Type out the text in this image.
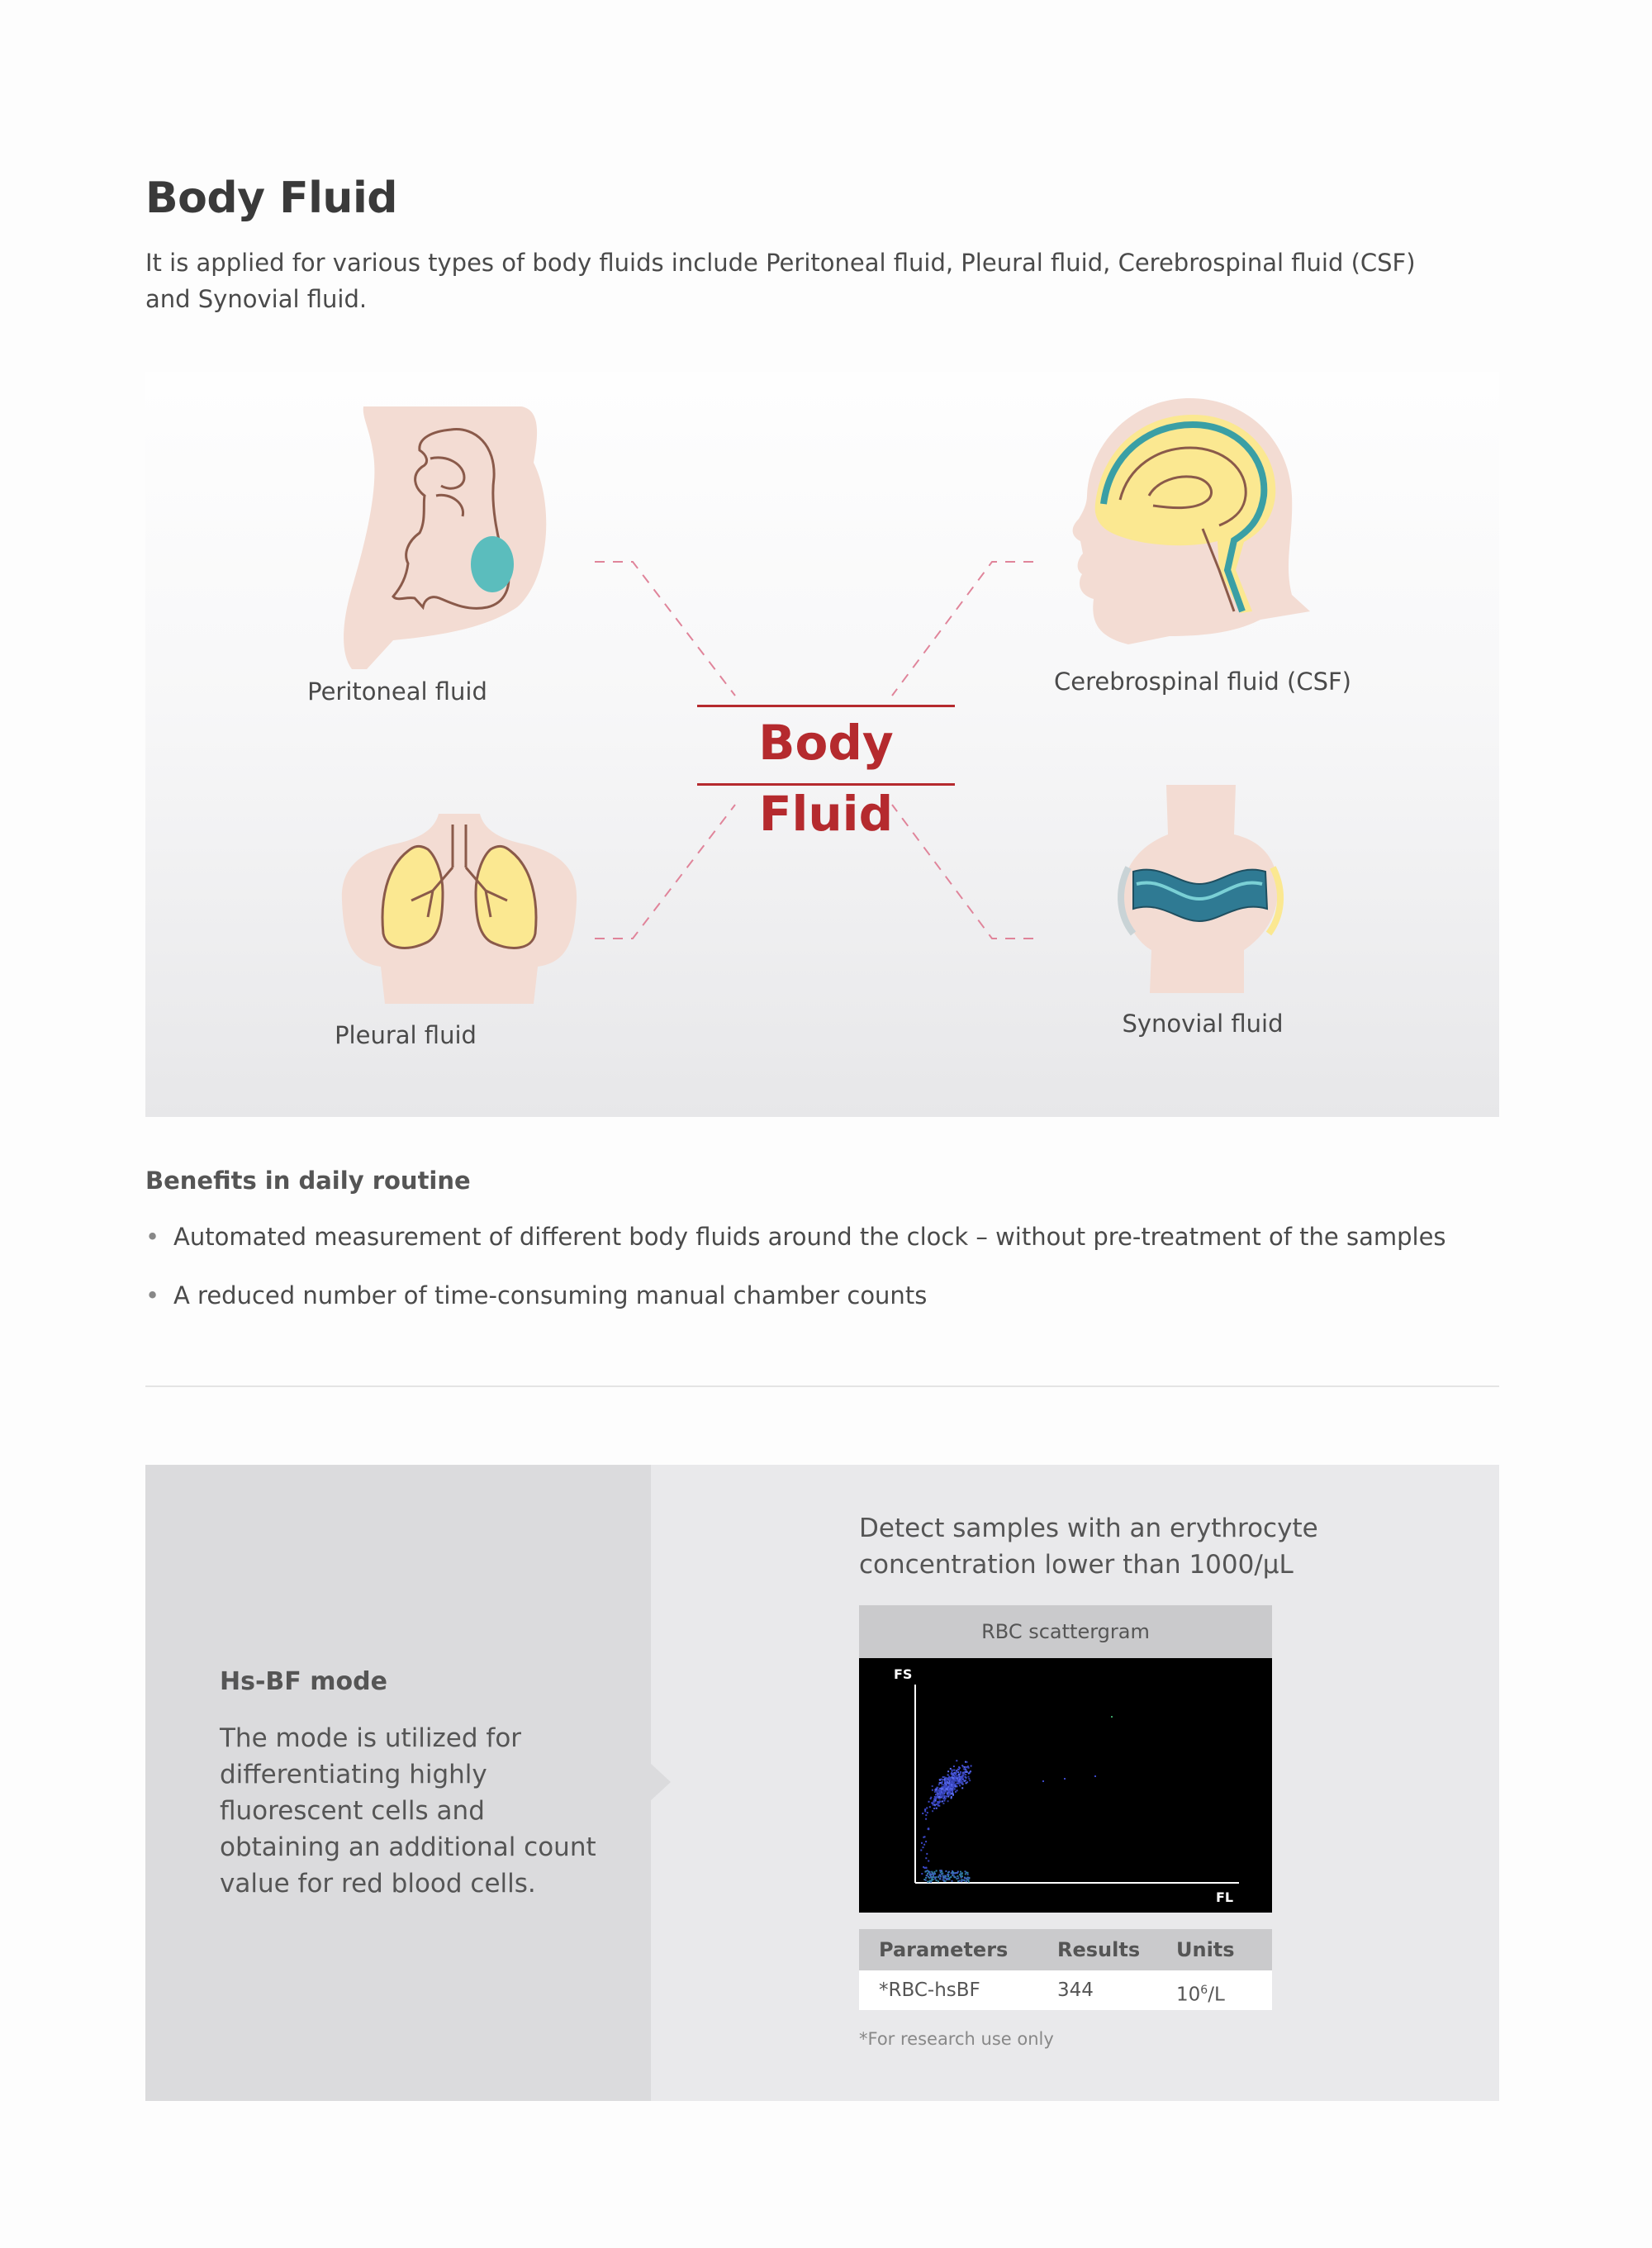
Body Fluid
It is applied for various types of body fluids include Peritoneal fluid, Pleural fluid, Cerebrospinal fluid (CSF) and Synovial fluid.
Peritoneal fluid
Pleural fluid
Cerebrospinal fluid (CSF)
Synovial fluid
Body Fluid
Benefits in daily routine
• Automated measurement of different body fluids around the clock – without pre-treatment of the samples
• A reduced number of time-consuming manual chamber counts
Hs-BF mode
The mode is utilized for differentiating highly fluorescent cells and obtaining an additional count value for red blood cells.
Detect samples with an erythrocyte concentration lower than 1000/µL
RBC scattergram
FS
FL
Parameters Results Units
*RBC-hsBF	344	$10^6/L$
*For research use only
